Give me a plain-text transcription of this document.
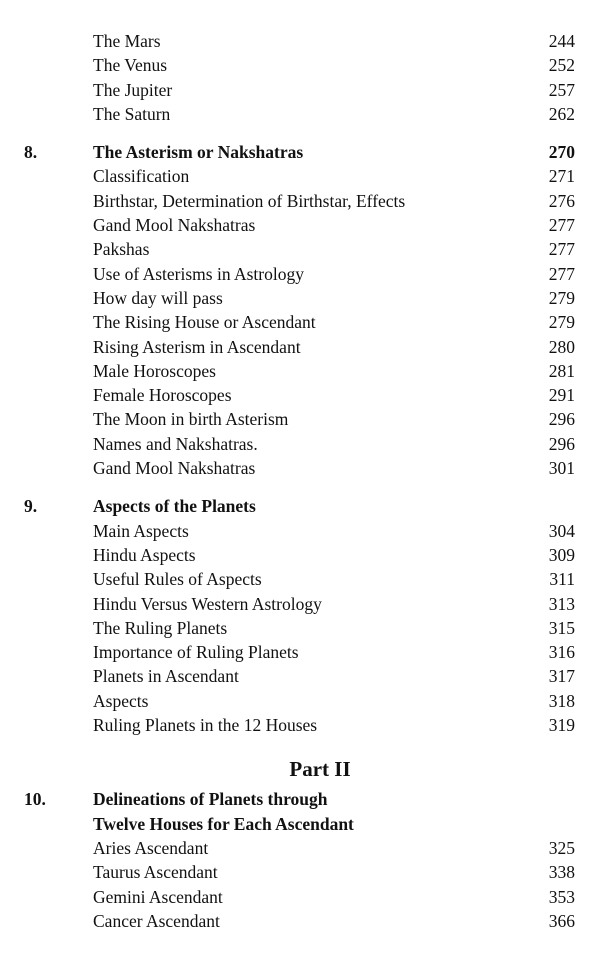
The Mars	244
The Venus	252
The Jupiter	257
The Saturn	262
8.	The Asterism or Nakshatras	270
Classification	271
Birthstar, Determination of Birthstar, Effects	276
Gand Mool Nakshatras	277
Pakshas	277
Use of Asterisms in Astrology	277
How day will pass	279
The Rising House or Ascendant	279
Rising Asterism in Ascendant	280
Male Horoscopes	281
Female Horoscopes	291
The Moon in birth Asterism	296
Names and Nakshatras.	296
Gand Mool Nakshatras	301
9.	Aspects of the Planets
Main Aspects	304
Hindu Aspects	309
Useful Rules of Aspects	311
Hindu Versus Western Astrology	313
The Ruling Planets	315
Importance of Ruling Planets	316
Planets in Ascendant	317
Aspects	318
Ruling Planets in the 12 Houses	319
Part II
10.	Delineations of Planets through
Twelve Houses for Each Ascendant
Aries Ascendant	325
Taurus Ascendant	338
Gemini Ascendant	353
Cancer Ascendant	366
